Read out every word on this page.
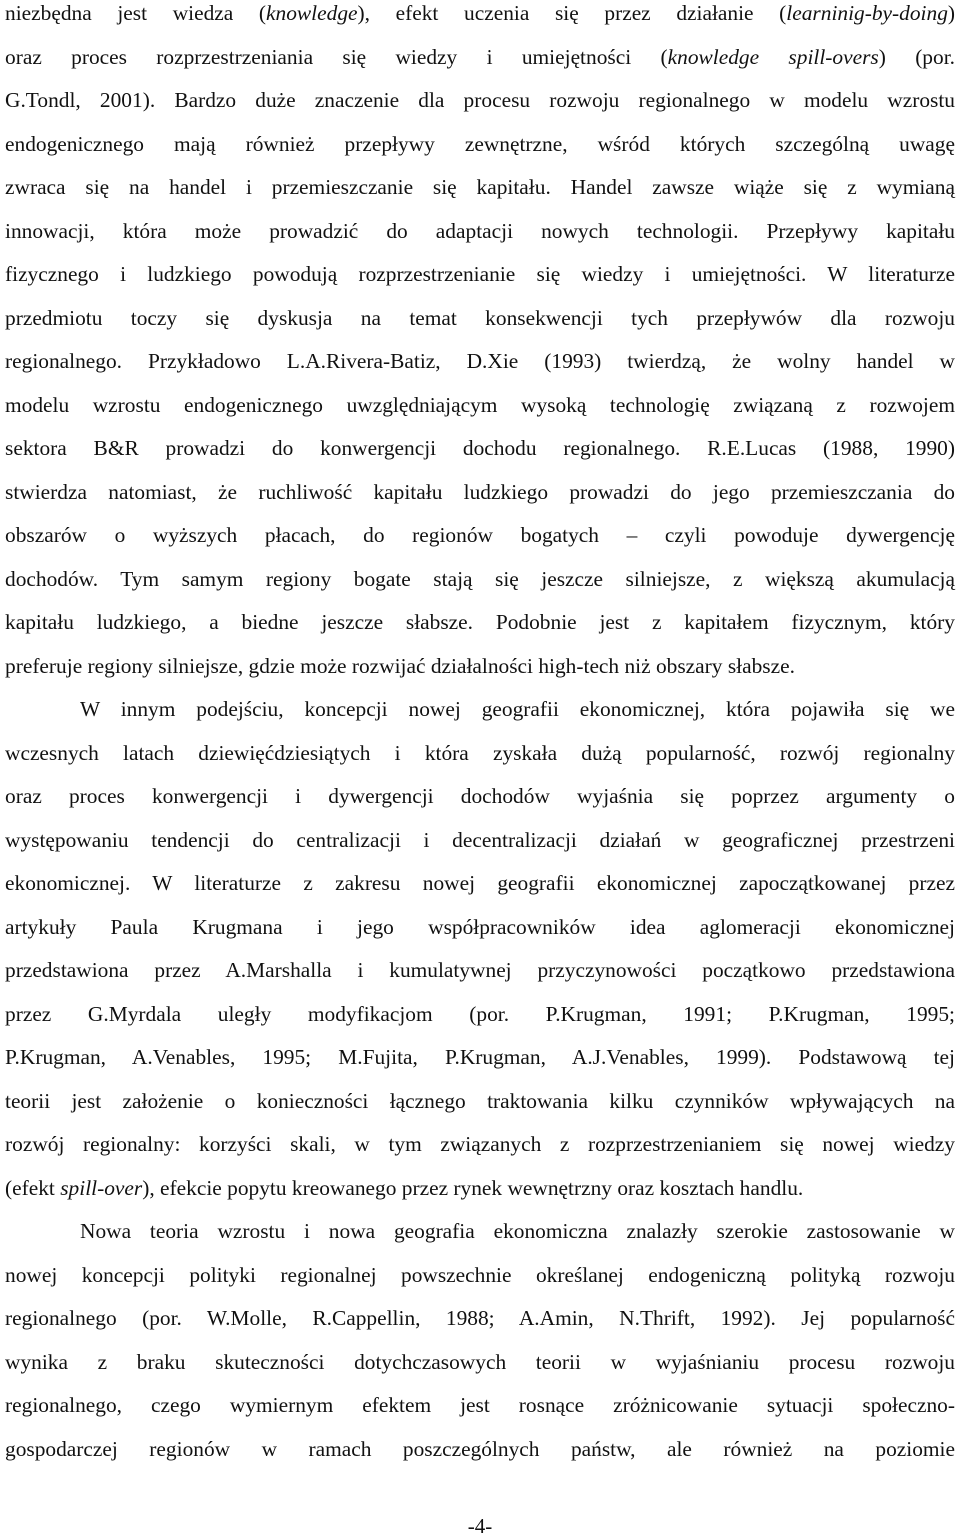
niezbędna jest wiedza (knowledge), efekt uczenia się przez działanie (learninig-by-doing)
oraz proces rozprzestrzeniania się wiedzy i umiejętności (knowledge spill-overs) (por.
G.Tondl, 2001). Bardzo duże znaczenie dla procesu rozwoju regionalnego w modelu wzrostu
endogenicznego mają również przepływy zewnętrzne, wśród których szczególną uwagę
zwraca się na handel i przemieszczanie się kapitału. Handel zawsze wiąże się z wymianą
innowacji, która może prowadzić do adaptacji nowych technologii. Przepływy kapitału
fizycznego i ludzkiego powodują rozprzestrzenianie się wiedzy i umiejętności. W literaturze
przedmiotu toczy się dyskusja na temat konsekwencji tych przepływów dla rozwoju
regionalnego. Przykładowo L.A.Rivera-Batiz, D.Xie (1993) twierdzą, że wolny handel w
modelu wzrostu endogenicznego uwzględniającym wysoką technologię związaną z rozwojem
sektora B&R prowadzi do konwergencji dochodu regionalnego. R.E.Lucas (1988, 1990)
stwierdza natomiast, że ruchliwość kapitału ludzkiego prowadzi do jego przemieszczania do
obszarów o wyższych płacach, do regionów bogatych – czyli powoduje dywergencję
dochodów. Tym samym regiony bogate stają się jeszcze silniejsze, z większą akumulacją
kapitału ludzkiego, a biedne jeszcze słabsze. Podobnie jest z kapitałem fizycznym, który
preferuje regiony silniejsze, gdzie może rozwijać działalności high-tech niż obszary słabsze.
W innym podejściu, koncepcji nowej geografii ekonomicznej, która pojawiła się we
wczesnych latach dziewięćdziesiątych i która zyskała dużą popularność, rozwój regionalny
oraz proces konwergencji i dywergencji dochodów wyjaśnia się poprzez argumenty o
występowaniu tendencji do centralizacji i decentralizacji działań w geograficznej przestrzeni
ekonomicznej. W literaturze z zakresu nowej geografii ekonomicznej zapoczątkowanej przez
artykuły Paula Krugmana i jego współpracowników idea aglomeracji ekonomicznej
przedstawiona przez A.Marshalla i kumulatywnej przyczynowości początkowo przedstawiona
przez G.Myrdala uległy modyfikacjom (por. P.Krugman, 1991; P.Krugman, 1995;
P.Krugman, A.Venables, 1995; M.Fujita, P.Krugman, A.J.Venables, 1999). Podstawową tej
teorii jest założenie o konieczności łącznego traktowania kilku czynników wpływających na
rozwój regionalny: korzyści skali, w tym związanych z rozprzestrzenianiem się nowej wiedzy
(efekt spill-over), efekcie popytu kreowanego przez rynek wewnętrzny oraz kosztach handlu.
Nowa teoria wzrostu i nowa geografia ekonomiczna znalazły szerokie zastosowanie w
nowej koncepcji polityki regionalnej powszechnie określanej endogeniczną polityką rozwoju
regionalnego (por. W.Molle, R.Cappellin, 1988; A.Amin, N.Thrift, 1992). Jej popularność
wynika z braku skuteczności dotychczasowych teorii w wyjaśnianiu procesu rozwoju
regionalnego, czego wymiernym efektem jest rosnące zróżnicowanie sytuacji społeczno-
gospodarczej regionów w ramach poszczególnych państw, ale również na poziomie
-4-
